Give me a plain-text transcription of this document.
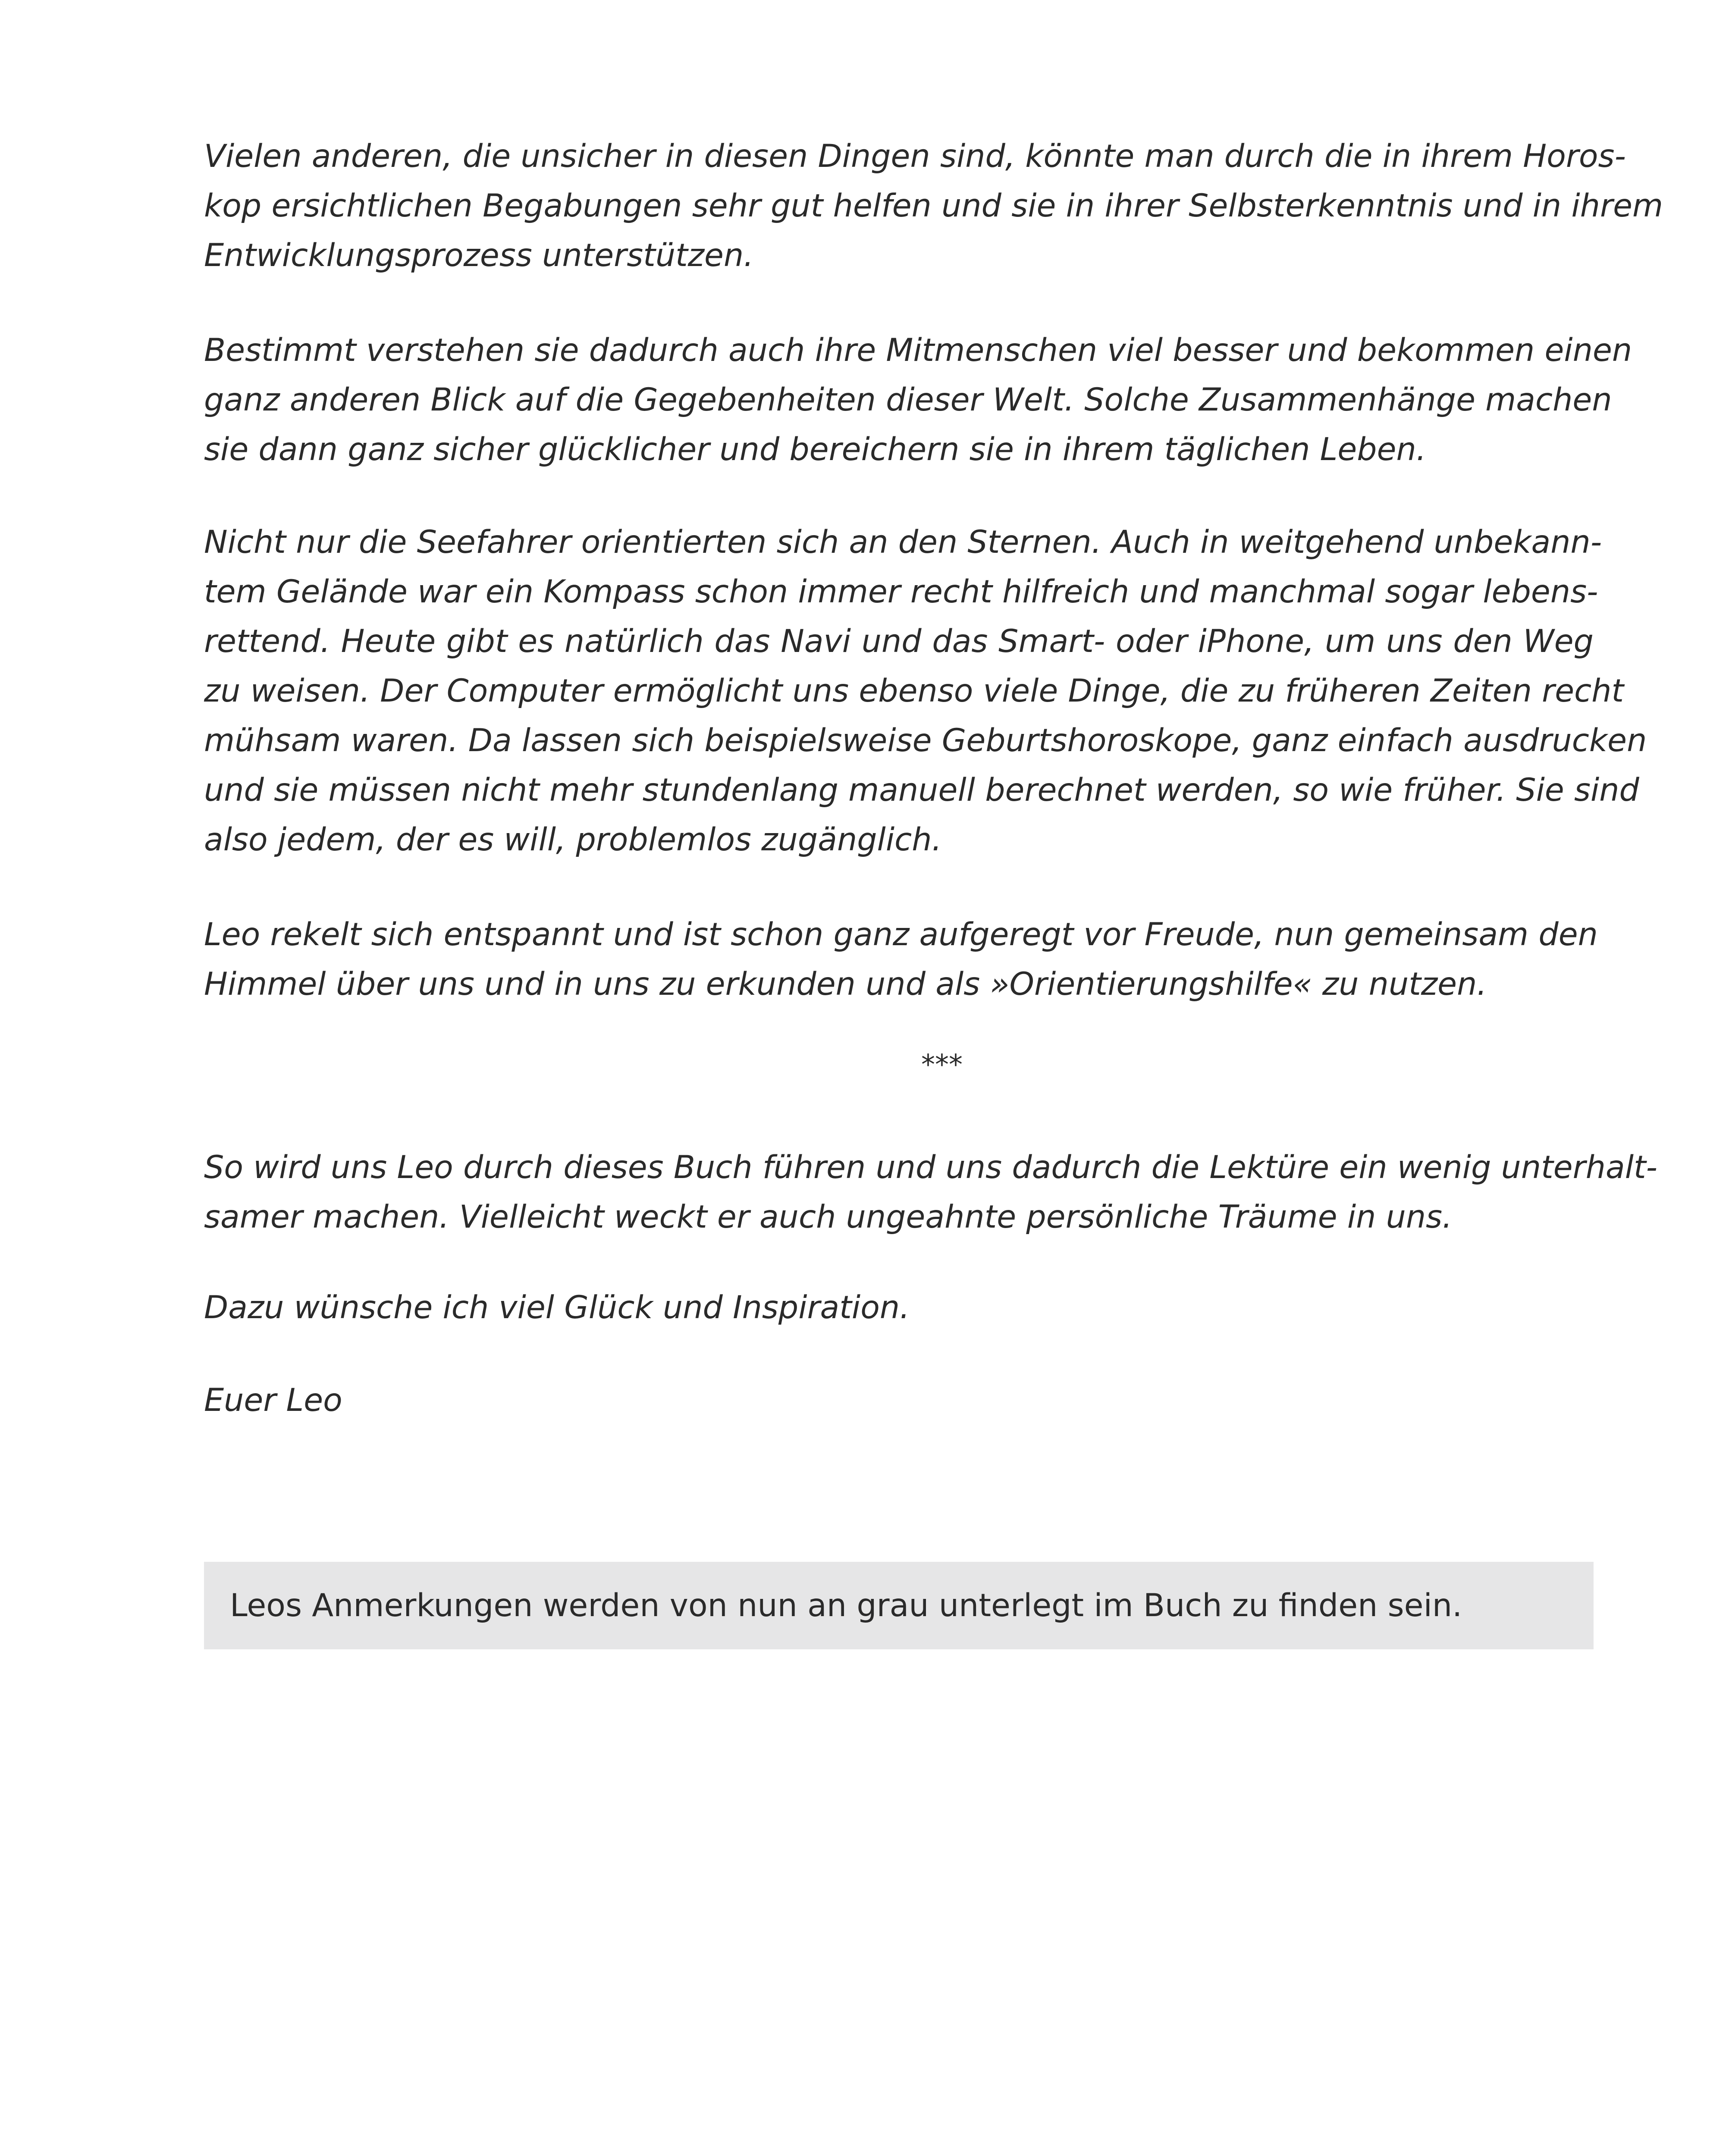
Vielen anderen, die unsicher in diesen Dingen sind, könnte man durch die in ihrem Horos-
kop ersichtlichen Begabungen sehr gut helfen und sie in ihrer Selbsterkenntnis und in ihrem
Entwicklungsprozess unterstützen.
Bestimmt verstehen sie dadurch auch ihre Mitmenschen viel besser und bekommen einen
ganz anderen Blick auf die Gegebenheiten dieser Welt. Solche Zusammenhänge machen
sie dann ganz sicher glücklicher und bereichern sie in ihrem täglichen Leben.
Nicht nur die Seefahrer orientierten sich an den Sternen. Auch in weitgehend unbekann-
tem Gelände war ein Kompass schon immer recht hilfreich und manchmal sogar lebens-
rettend. Heute gibt es natürlich das Navi und das Smart- oder iPhone, um uns den Weg
zu weisen. Der Computer ermöglicht uns ebenso viele Dinge, die zu früheren Zeiten recht
mühsam waren. Da lassen sich beispielsweise Geburtshoroskope, ganz einfach ausdrucken
und sie müssen nicht mehr stundenlang manuell berechnet werden, so wie früher. Sie sind
also jedem, der es will, problemlos zugänglich.
Leo rekelt sich entspannt und ist schon ganz aufgeregt vor Freude, nun gemeinsam den
Himmel über uns und in uns zu erkunden und als »Orientierungshilfe« zu nutzen.
***
So wird uns Leo durch dieses Buch führen und uns dadurch die Lektüre ein wenig unterhalt-
samer machen. Vielleicht weckt er auch ungeahnte persönliche Träume in uns.
Dazu wünsche ich viel Glück und Inspiration.
Euer Leo
Leos Anmerkungen werden von nun an grau unterlegt im Buch zu finden sein.
